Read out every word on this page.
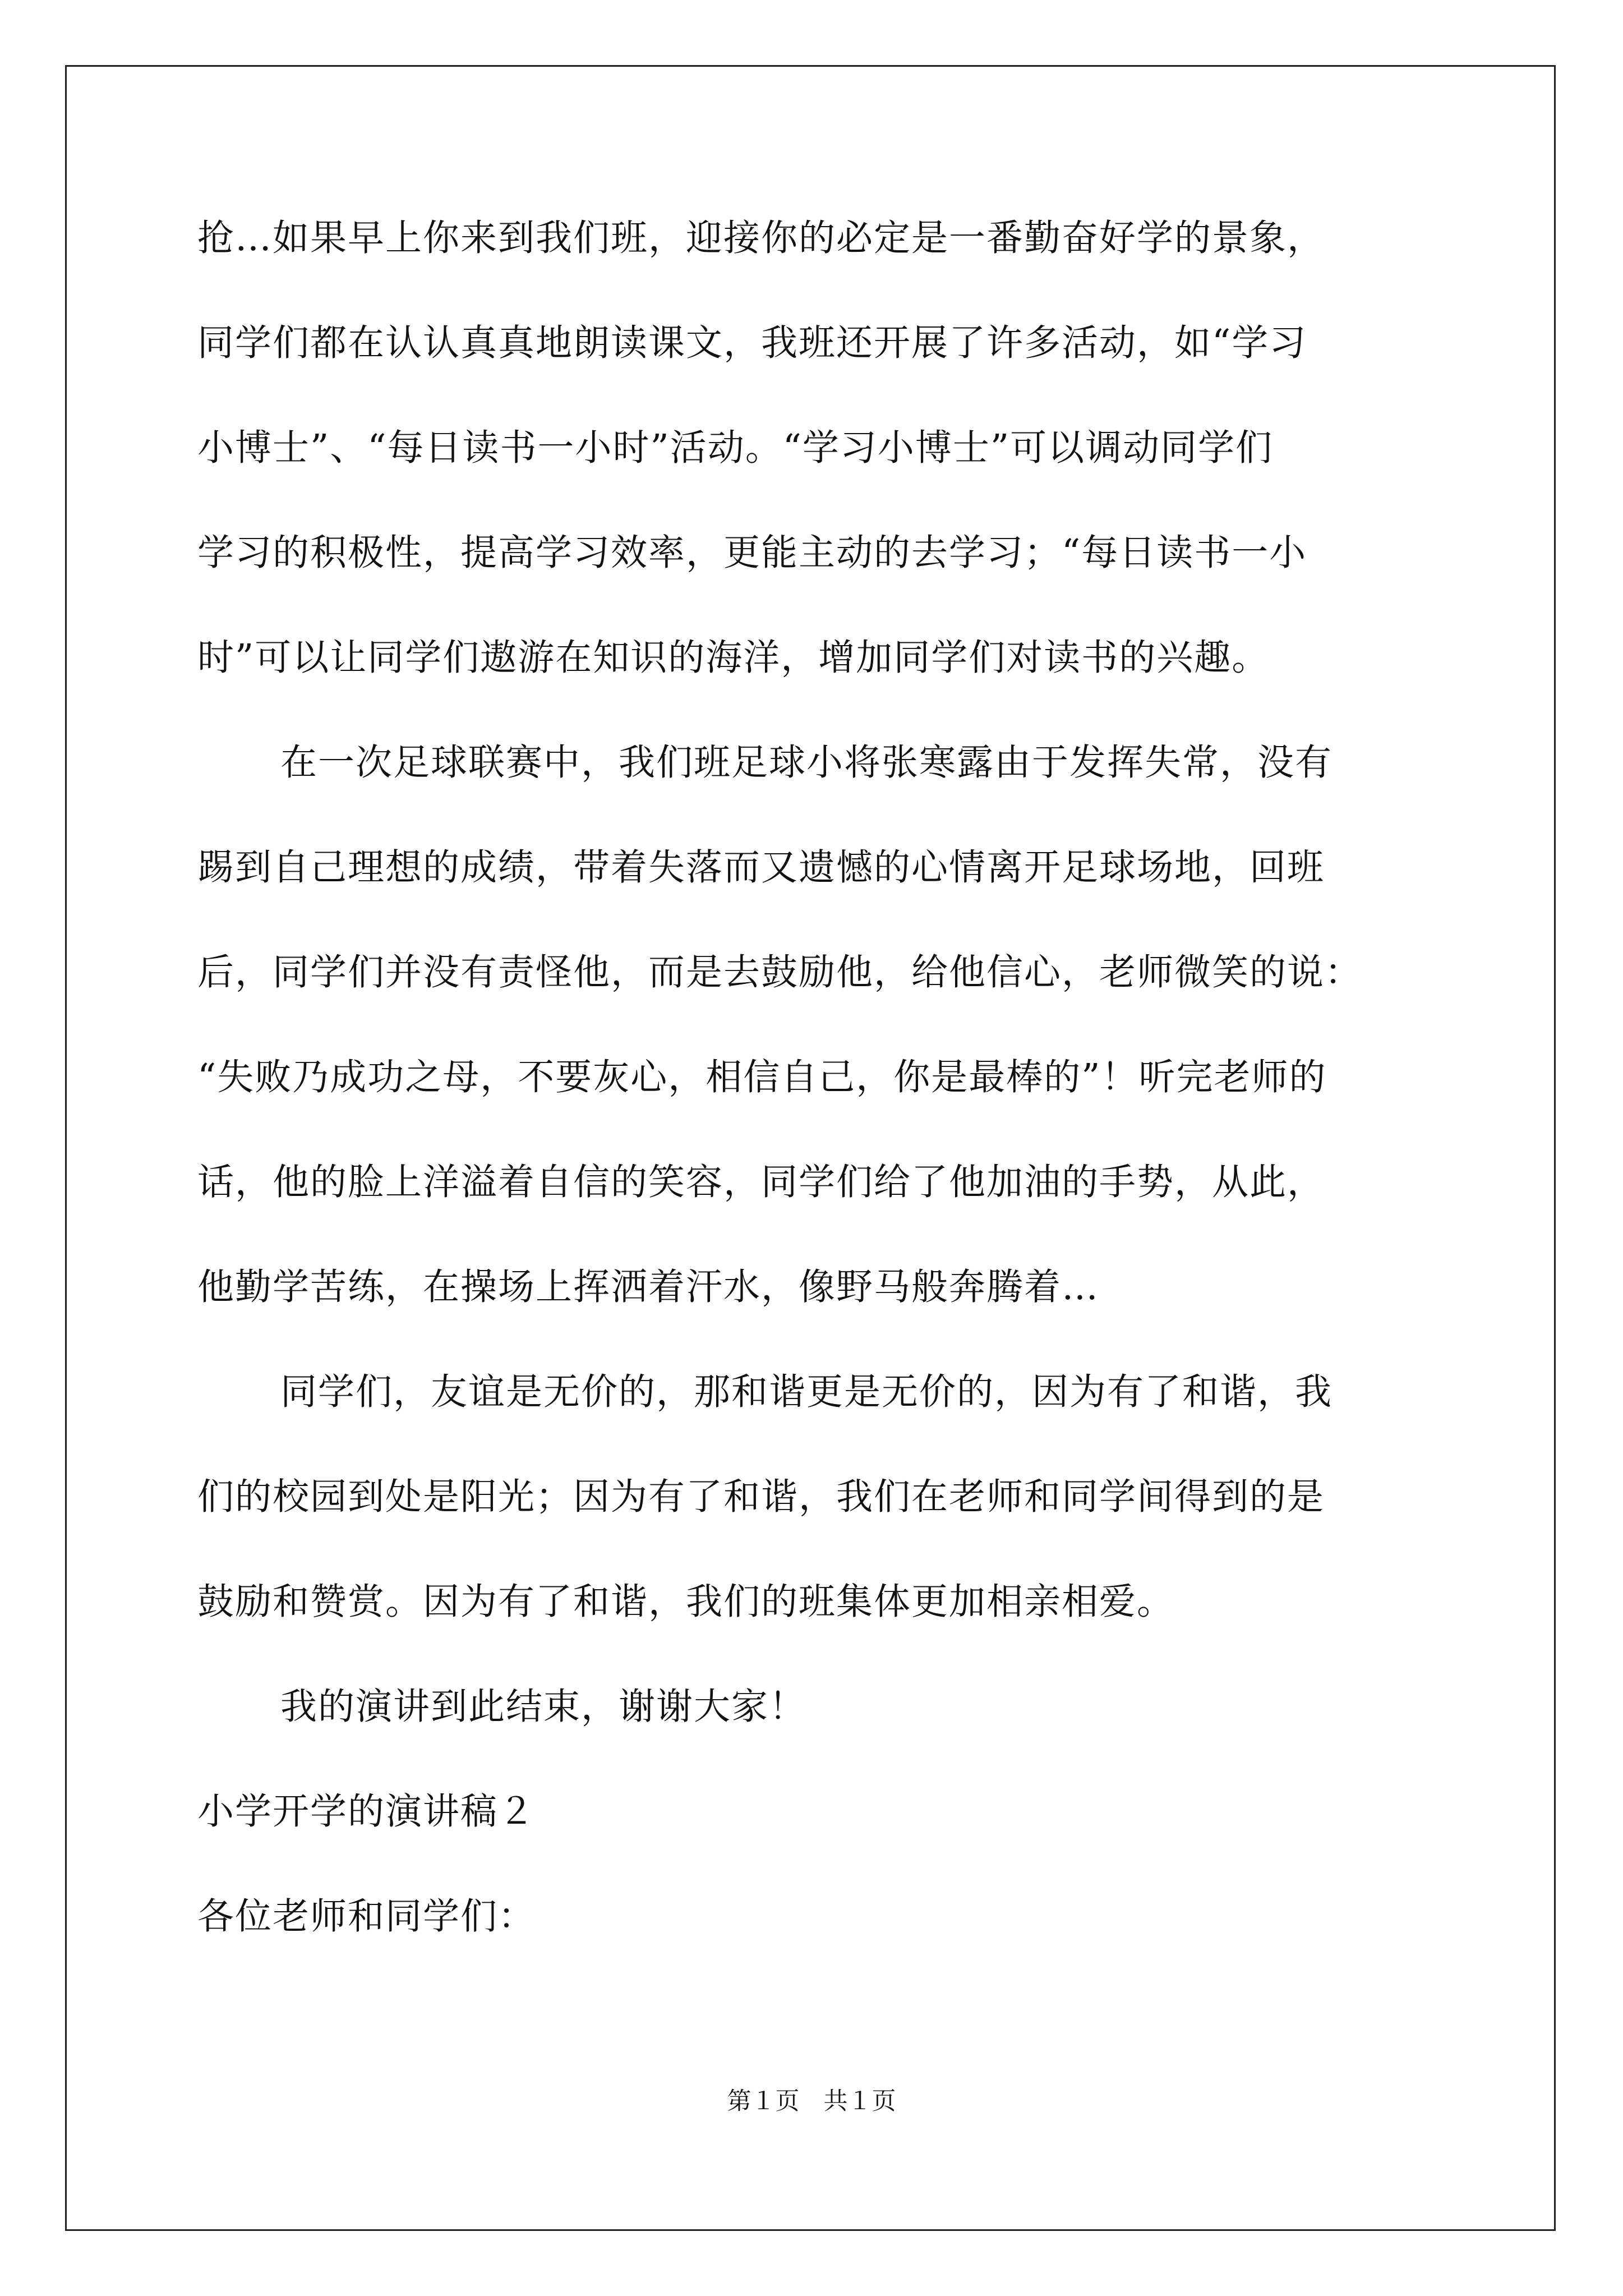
抢…如果早上你来到我们班，迎接你的必定是一番勤奋好学的景象，
同学们都在认认真真地朗读课文，我班还开展了许多活动，如“学习
小博士”、“每日读书一小时”活动。“学习小博士”可以调动同学们
学习的积极性，提高学习效率，更能主动的去学习；“每日读书一小
时”可以让同学们遨游在知识的海洋，增加同学们对读书的兴趣。
在一次足球联赛中，我们班足球小将张寒露由于发挥失常，没有
踢到自己理想的成绩，带着失落而又遗憾的心情离开足球场地，回班
后，同学们并没有责怪他，而是去鼓励他，给他信心，老师微笑的说：
“失败乃成功之母，不要灰心，相信自己，你是最棒的”！听完老师的
话，他的脸上洋溢着自信的笑容，同学们给了他加油的手势，从此，
他勤学苦练，在操场上挥洒着汗水，像野马般奔腾着…
同学们，友谊是无价的，那和谐更是无价的，因为有了和谐，我
们的校园到处是阳光；因为有了和谐，我们在老师和同学间得到的是
鼓励和赞赏。因为有了和谐，我们的班集体更加相亲相爱。
我的演讲到此结束，谢谢大家！
小学开学的演讲稿２
各位老师和同学们：
第１页　共１页
